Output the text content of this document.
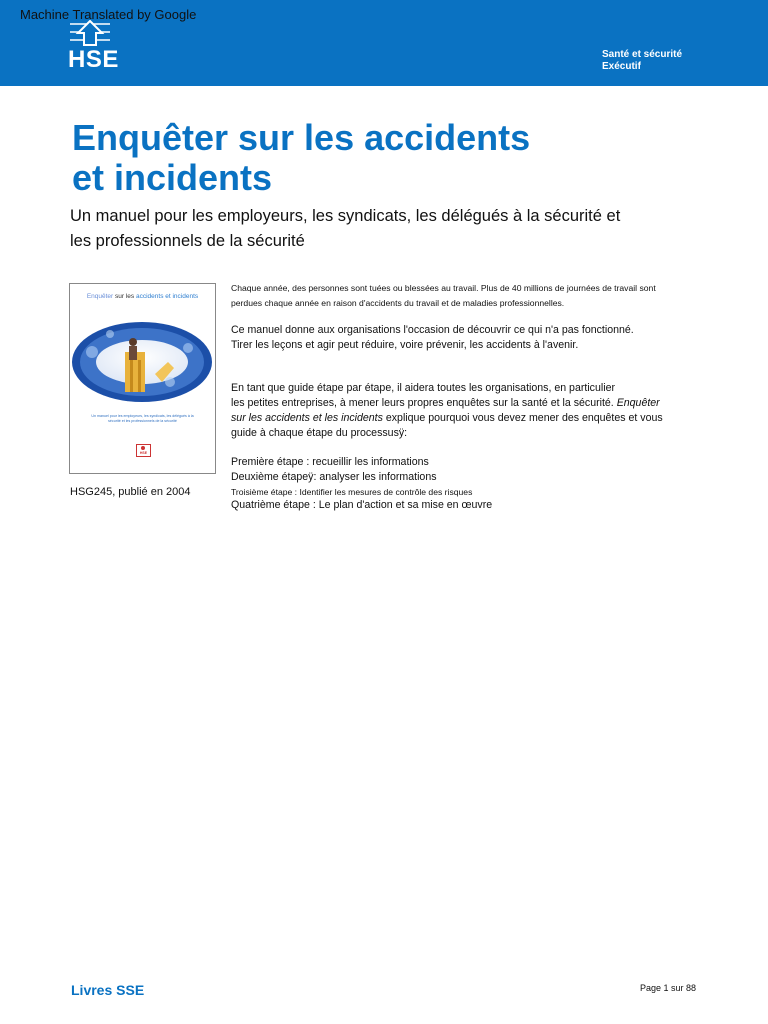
HSE	Santé et sécurité
Exécutif
Machine Translated by Google
Enquêter sur les accidents
et incidents

Un manuel pour les employeurs, les syndicats, les délégués à la sécurité et
les professionnels de la sécurité

Enquêter sur les accidents et incidents
Un manuel pour les employeurs, les syndicats, les délégués à la sécurité et les professionnels de la sécurité
HSE
HSG245, publié en 2004

Chaque année, des personnes sont tuées ou blessées au travail. Plus de 40 millions de journées de travail sont
perdues chaque année en raison d'accidents du travail et de maladies professionnelles.

Ce manuel donne aux organisations l'occasion de découvrir ce qui n'a pas fonctionné.
Tirer les leçons et agir peut réduire, voire prévenir, les accidents à l'avenir.

En tant que guide étape par étape, il aidera toutes les organisations, en particulier
les petites entreprises, à mener leurs propres enquêtes sur la santé et la sécurité. Enquêter
sur les accidents et les incidents explique pourquoi vous devez mener des enquêtes et vous
guide à chaque étape du processusÿ:

Première étape : recueillir les informations

Deuxième étapeÿ: analyser les informations

Troisième étape : Identifier les mesures de contrôle des risques

Quatrième étape : Le plan d'action et sa mise en œuvre

Livres SSE	Page 1 sur 88
